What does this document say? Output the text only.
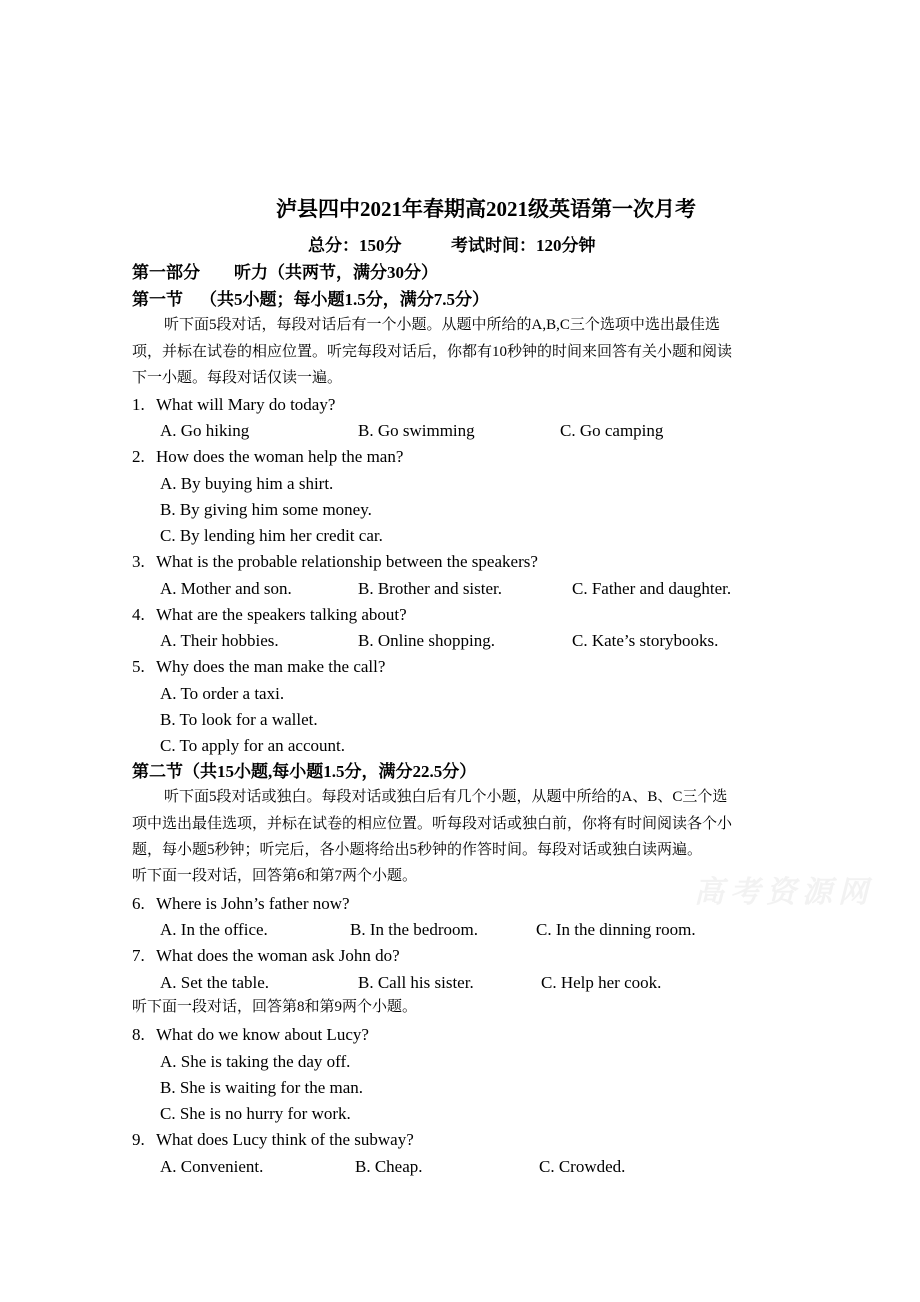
泸县四中2021年春期高2021级英语第一次月考
总分：150分	考试时间：120分钟
第一部分 听力（共两节，满分30分）
第一节 （共5小题；每小题1.5分，满分7.5分）
听下面5段对话，每段对话后有一个小题。从题中所给的A,B,C三个选项中选出最佳选
项，并标在试卷的相应位置。听完每段对话后，你都有10秒钟的时间来回答有关小题和阅读
下一小题。每段对话仅读一遍。
1. What will Mary do today?
A. Go hiking	B. Go swimming	C. Go camping
2. How does the woman help the man?
A. By buying him a shirt.
B. By giving him some money.
C. By lending him her credit car.
3. What is the probable relationship between the speakers?
A. Mother and son.	B. Brother and sister.	C. Father and daughter.
4. What are the speakers talking about?
A. Their hobbies.	B. Online shopping.	C. Kate’s storybooks.
5. Why does the man make the call?
A. To order a taxi.
B. To look for a wallet.
C. To apply for an account.
第二节（共15小题,每小题1.5分，满分22.5分）
听下面5段对话或独白。每段对话或独白后有几个小题，从题中所给的A、B、C三个选
项中选出最佳选项，并标在试卷的相应位置。听每段对话或独白前，你将有时间阅读各个小
题，每小题5秒钟；听完后，各小题将给出5秒钟的作答时间。每段对话或独白读两遍。
听下面一段对话，回答第6和第7两个小题。
6. Where is John’s father now?
A. In the office.	B. In the bedroom.	C. In the dinning room.
7. What does the woman ask John do?
A. Set the table.	B. Call his sister.	C. Help her cook.
听下面一段对话，回答第8和第9两个小题。
8. What do we know about Lucy?
A. She is taking the day off.
B. She is waiting for the man.
C. She is no hurry for work.
9. What does Lucy think of the subway?
A. Convenient.	B. Cheap.	C. Crowded.
高考资源网
